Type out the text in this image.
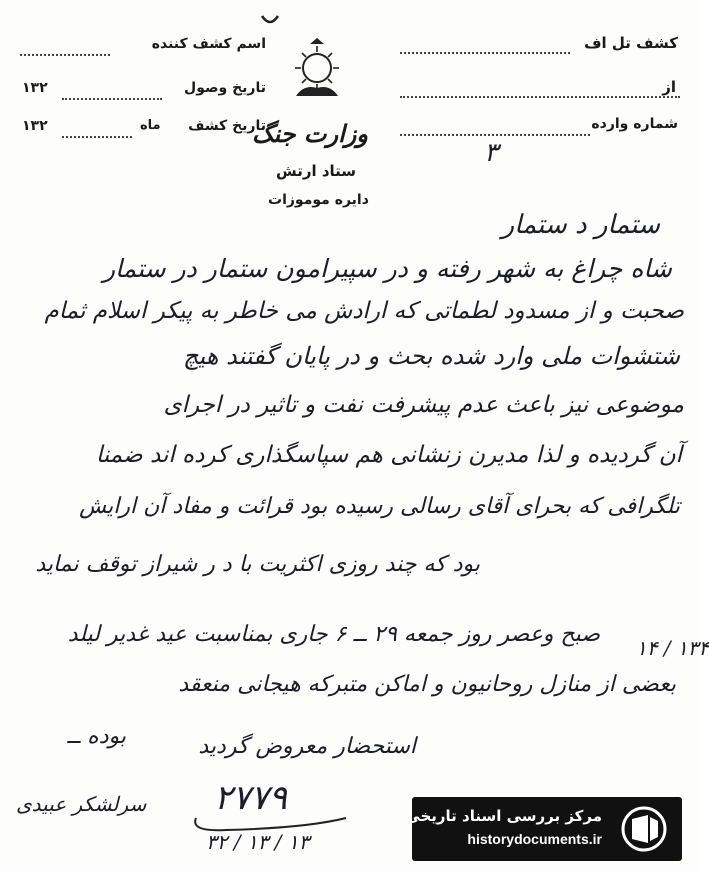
کشف تل اف
از
شماره وارده
اسم کشف کننده
تاریخ وصول
۱۳۲
تاریخ کشف
ماه
۱۳۲	وزارت جنگ
ستاد ارتش
دایره موموزات
۳
ستمار د ستمار
شاه چراغ به شهر رفته و در سپیرامون ستمار در ستمار
صحبت و از مسدود لطماتی که ارادش می خاطر به پیکر اسلام ثمام
شتشوات ملی وارد شده بحث و در پایان گفتند هیچ
موضوعی نیز باعث عدم پیشرفت نفت و تاثیر در اجرای
آن گردیده و لذا مدیرن زنشانی هم سپاسگذاری کرده اند ضمنا
تلگرافی که بحرای آقای رسالی رسیده بود قرائت و مفاد آن ارایش
بود که چند روزی اکثریت با د ر شیراز توقف نماید
صبح وعصر روز جمعه ۲۹ ــ ۶ جاری بمناسبت عید غدیر لیلد
بعضی از منازل روحانیون و اماکن متبرکه هیجانی منعقد
بوده ــ	استحضار معروض گردید
۱۳۴ / ۱۴
۲۷۷۹
سرلشکر عبیدی
۱۳ / ۱۳ / ۳۲
مرکز بررسی اسناد تاریخی
historydocuments.ir
